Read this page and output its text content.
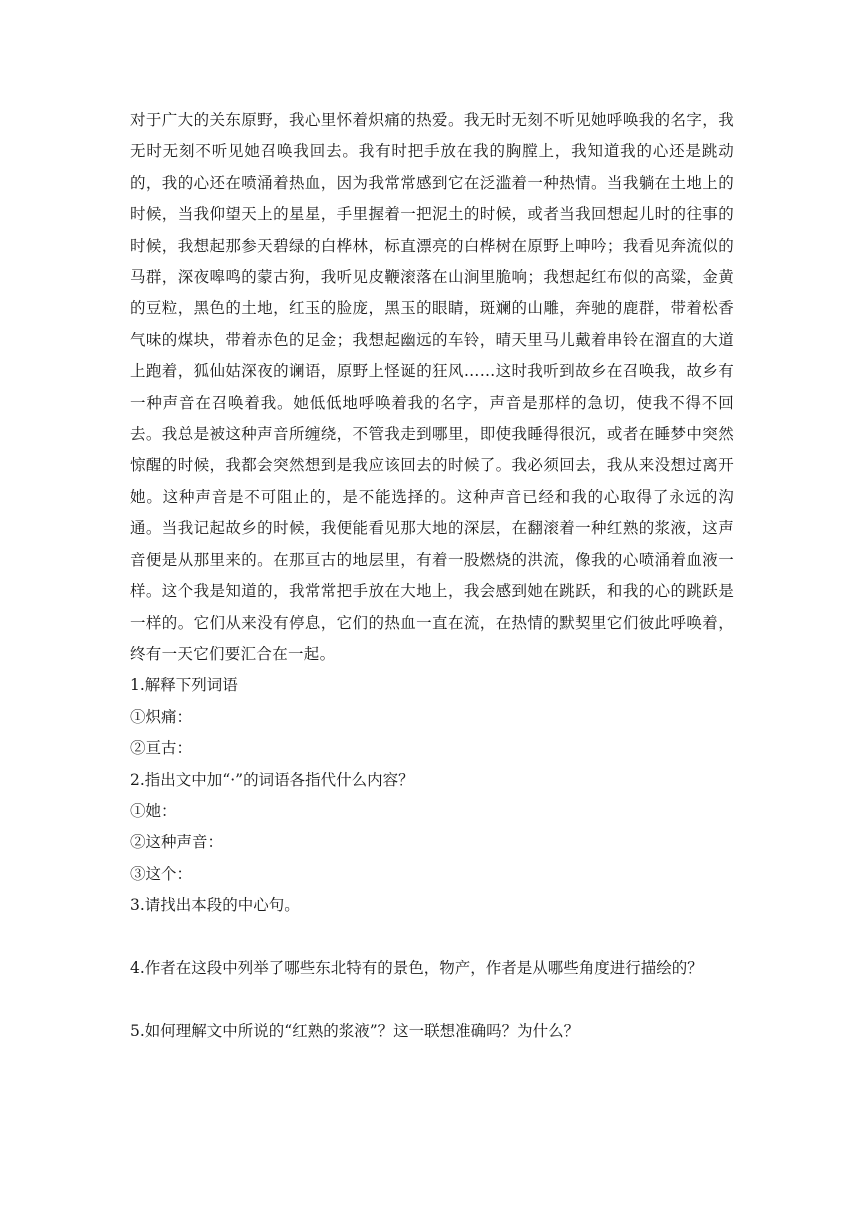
对于广大的关东原野，我心里怀着炽痛的热爱。我无时无刻不听见她呼唤我的名字，我无时无刻不听见她召唤我回去。我有时把手放在我的胸膛上，我知道我的心还是跳动的，我的心还在喷涌着热血，因为我常常感到它在泛滥着一种热情。当我躺在土地上的时候，当我仰望天上的星星，手里握着一把泥土的时候，或者当我回想起儿时的往事的时候，我想起那参天碧绿的白桦林，标直漂亮的白桦树在原野上呻吟；我看见奔流似的马群，深夜嗥鸣的蒙古狗，我听见皮鞭滚落在山涧里脆响；我想起红布似的高粱，金黄的豆粒，黑色的土地，红玉的脸庞，黑玉的眼睛，斑斓的山雕，奔驰的鹿群，带着松香气味的煤块，带着赤色的足金；我想起幽远的车铃，晴天里马儿戴着串铃在溜直的大道上跑着，狐仙姑深夜的谰语，原野上怪诞的狂风……这时我听到故乡在召唤我，故乡有一种声音在召唤着我。她低低地呼唤着我的名字，声音是那样的急切，使我不得不回去。我总是被这种声音所缠绕，不管我走到哪里，即使我睡得很沉，或者在睡梦中突然惊醒的时候，我都会突然想到是我应该回去的时候了。我必须回去，我从来没想过离开她。这种声音是不可阻止的，是不能选择的。这种声音已经和我的心取得了永远的沟通。当我记起故乡的时候，我便能看见那大地的深层，在翻滚着一种红熟的浆液，这声音便是从那里来的。在那亘古的地层里，有着一股燃烧的洪流，像我的心喷涌着血液一样。这个我是知道的，我常常把手放在大地上，我会感到她在跳跃，和我的心的跳跃是一样的。它们从来没有停息，它们的热血一直在流，在热情的默契里它们彼此呼唤着，终有一天它们要汇合在一起。

1.解释下列词语

①炽痛：

②亘古：

2.指出文中加“·”的词语各指代什么内容？

①她：

②这种声音：

③这个：

3.请找出本段的中心句。

4.作者在这段中列举了哪些东北特有的景色，物产，作者是从哪些角度进行描绘的？

5.如何理解文中所说的“红熟的浆液”？这一联想准确吗？为什么？
